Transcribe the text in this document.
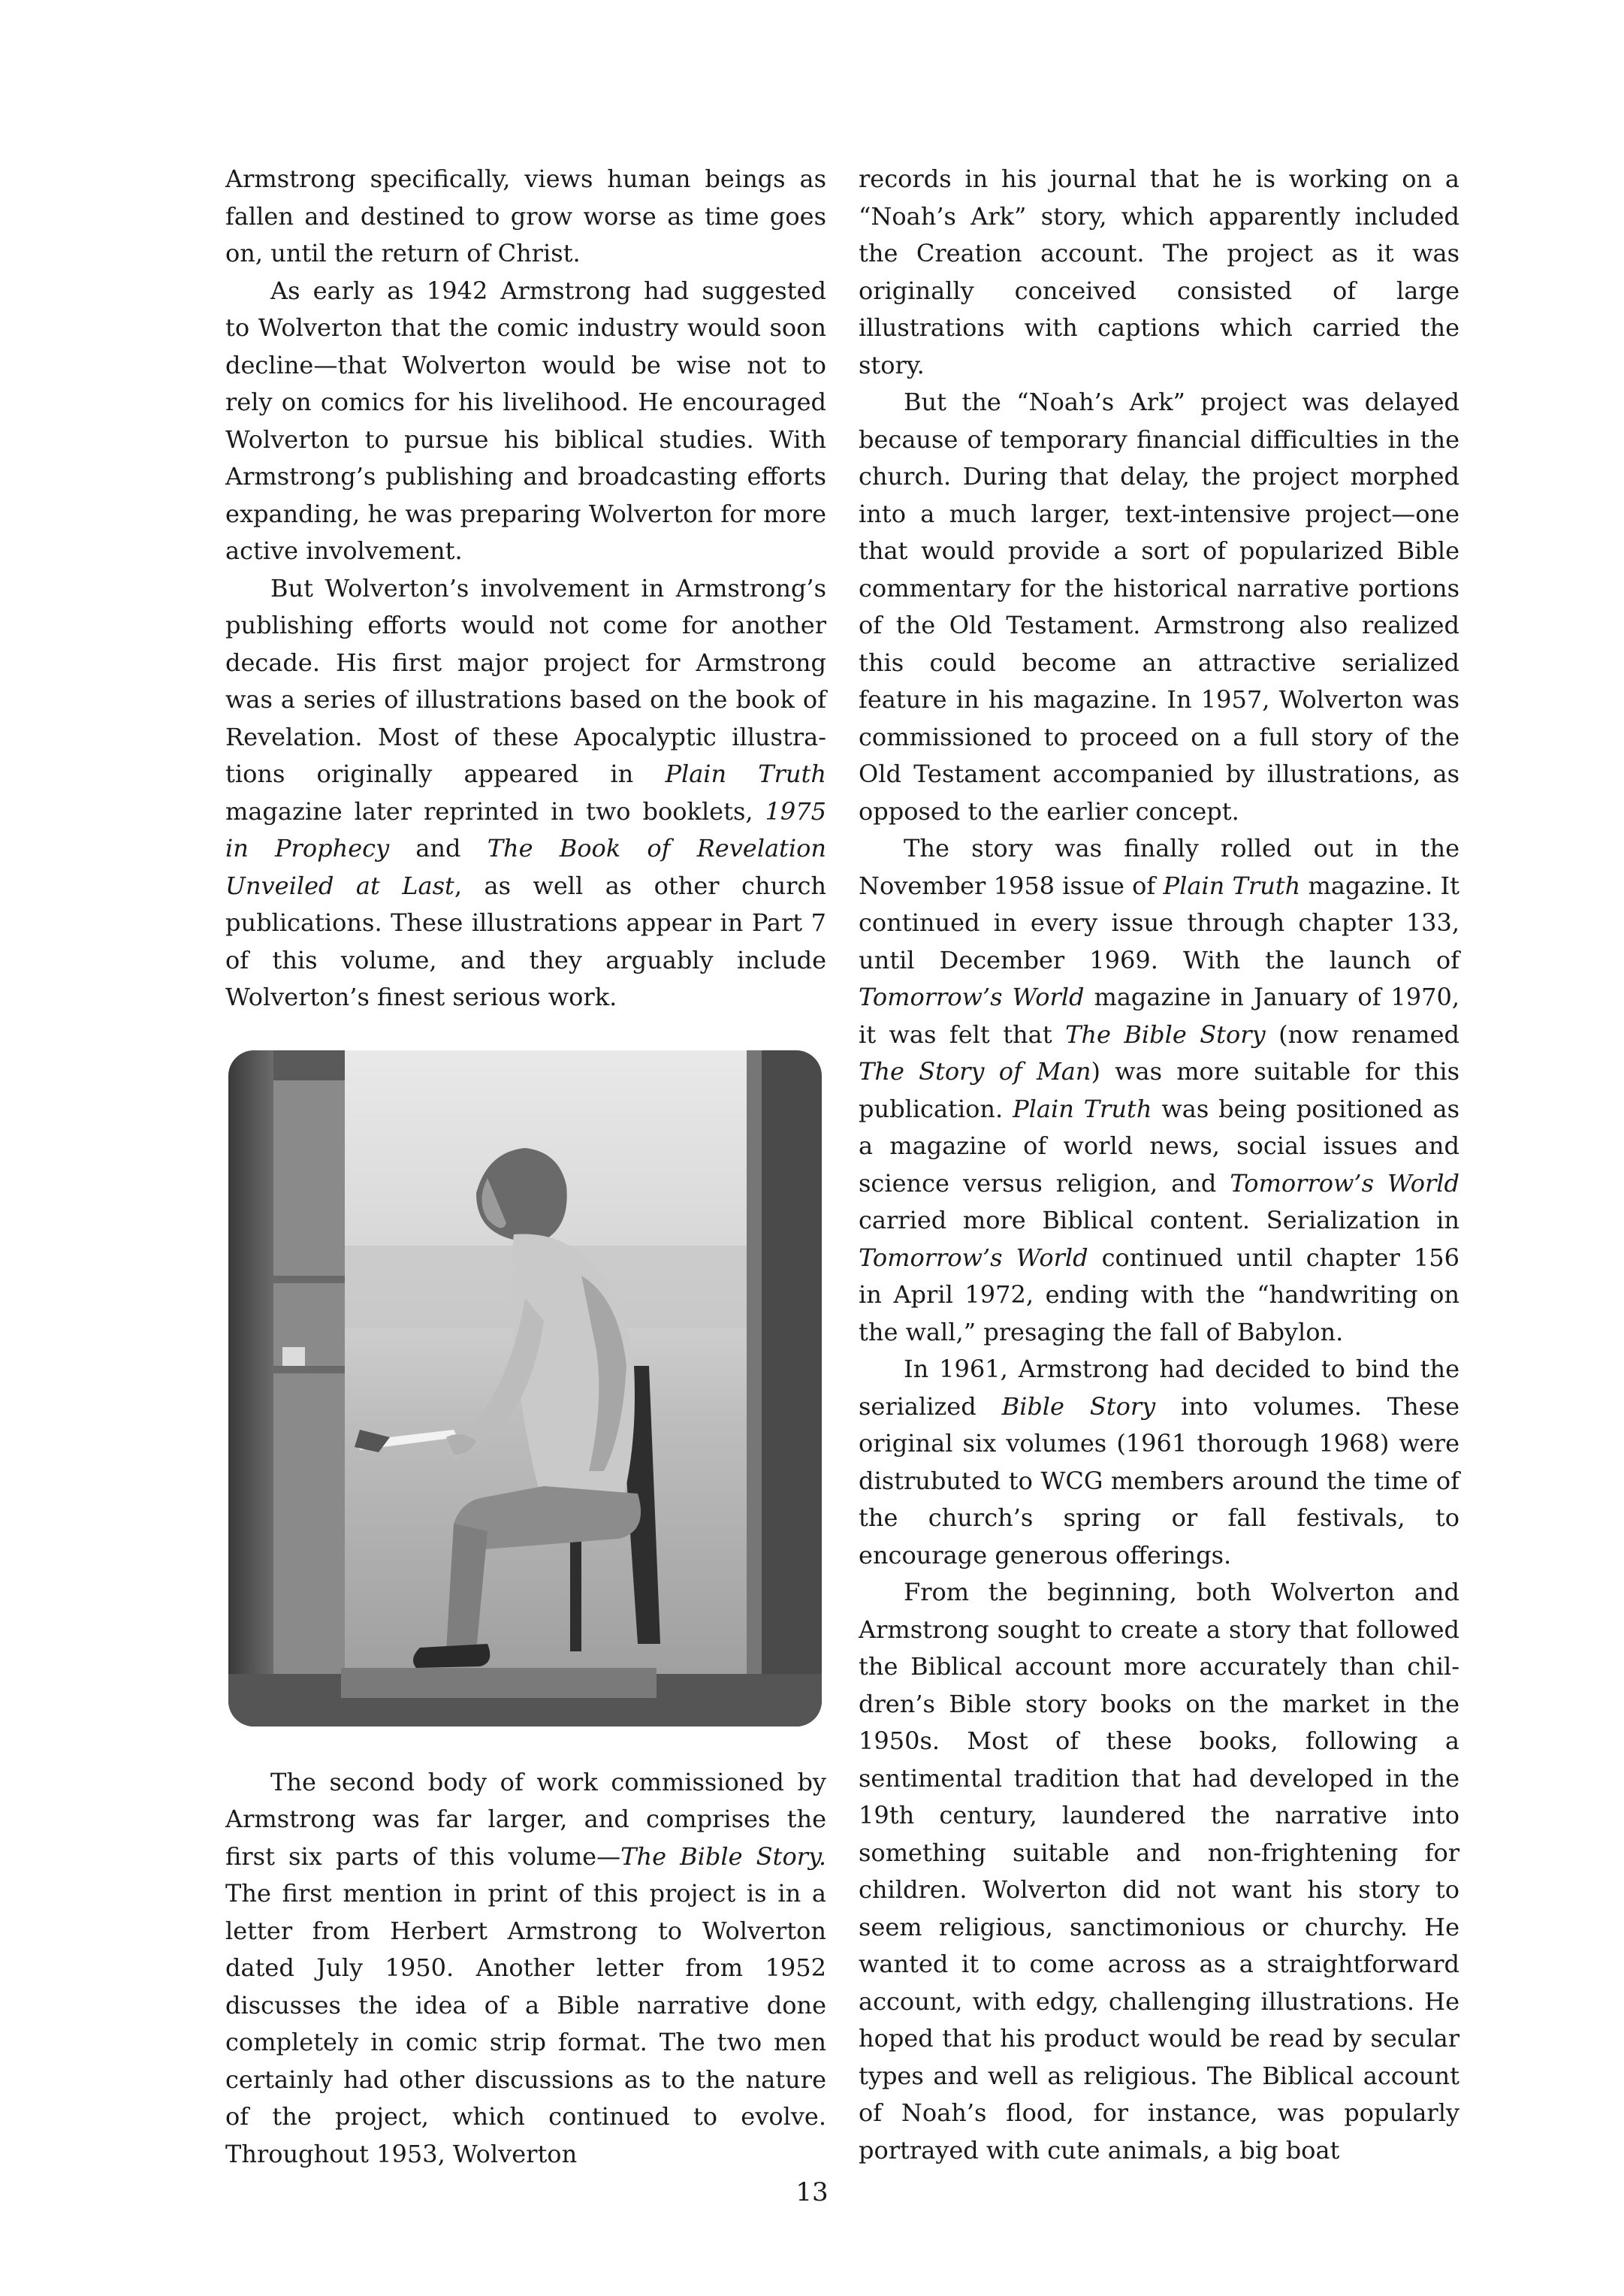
Armstrong specifically, views human beings as fallen and destined to grow worse as time goes on, until the return of Christ.

As early as 1942 Armstrong had suggested to Wolverton that the comic industry would soon decline—that Wolverton would be wise not to rely on comics for his livelihood. He encouraged Wolverton to pursue his biblical studies. With Armstrong’s publishing and broadcasting efforts expanding, he was preparing Wolverton for more active involvement.

But Wolverton’s involvement in Armstrong’s publishing efforts would not come for another decade. His first major project for Armstrong was a series of illustrations based on the book of Revelation. Most of these Apocalyptic illustrations originally appeared in Plain Truth magazine later reprinted in two booklets, 1975 in Prophecy and The Book of Revelation Unveiled at Last, as well as other church publications. These illustrations appear in Part 7 of this volume, and they arguably include Wolverton’s finest serious work.

The second body of work commissioned by Armstrong was far larger, and comprises the first six parts of this volume—The Bible Story. The first mention in print of this project is in a letter from Herbert Armstrong to Wolverton dated July 1950. Another letter from 1952 discusses the idea of a Bible narrative done completely in comic strip format. The two men certainly had other discussions as to the nature of the project, which continued to evolve. Throughout 1953, Wolverton

records in his journal that he is working on a “Noah’s Ark” story, which apparently included the Creation account. The project as it was originally conceived consisted of large illustrations with captions which carried the story.

But the “Noah’s Ark” project was delayed because of temporary financial difficulties in the church. During that delay, the project morphed into a much larger, text-intensive project—one that would provide a sort of popularized Bible commentary for the historical narrative portions of the Old Testament. Armstrong also realized this could become an attractive serialized feature in his magazine. In 1957, Wolverton was commissioned to proceed on a full story of the Old Testament accompanied by illustrations, as opposed to the earlier concept.

The story was finally rolled out in the November 1958 issue of Plain Truth magazine. It continued in every issue through chapter 133, until December 1969. With the launch of Tomorrow’s World magazine in January of 1970, it was felt that The Bible Story (now renamed The Story of Man) was more suitable for this publication. Plain Truth was being positioned as a magazine of world news, social issues and science versus religion, and Tomorrow’s World carried more Biblical content. Serialization in Tomorrow’s World continued until chapter 156 in April 1972, ending with the “handwriting on the wall,” presaging the fall of Babylon.

In 1961, Armstrong had decided to bind the serialized Bible Story into volumes. These original six volumes (1961 thorough 1968) were distrubuted to WCG members around the time of the church’s spring or fall festivals, to encourage generous offerings.

From the beginning, both Wolverton and Armstrong sought to create a story that followed the Biblical account more accurately than children’s Bible story books on the market in the 1950s. Most of these books, following a sentimental tradition that had developed in the 19th century, laundered the narrative into something suitable and non-frightening for children. Wolverton did not want his story to seem religious, sanctimonious or churchy. He wanted it to come across as a straightforward account, with edgy, challenging illustrations. He hoped that his product would be read by secular types and well as religious. The Biblical account of Noah’s flood, for instance, was popularly portrayed with cute animals, a big boat

13
